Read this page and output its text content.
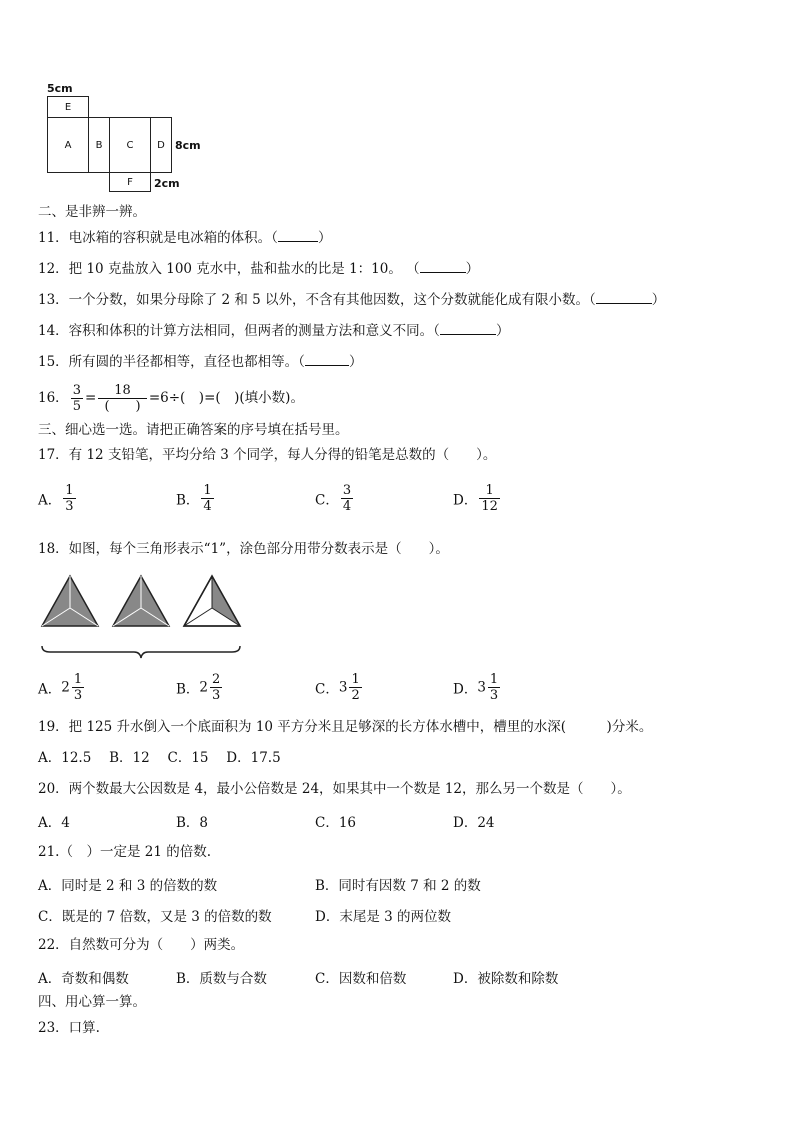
5cm
E
A B C D
F
8cm
2cm
二、是非辨一辨。
11．电冰箱的容积就是电冰箱的体积。（	）
12．把 10 克盐放入 100 克水中，盐和盐水的比是 1：10。 （	）
13．一个分数，如果分母除了 2 和 5 以外，不含有其他因数，这个分数就能化成有限小数。（	）
14．容积和体积的计算方法相同，但两者的测量方法和意义不同。（	）
15．所有圆的半径都相等，直径也都相等。（	）
16． $\frac{3}{5} = \frac{18}{( )} =6\div$(　)=(　)(填小数)。
三、细心选一选。请把正确答案的序号填在括号里。
17．有 12 支铅笔，平均分给 3 个同学，每人分得的铅笔是总数的（　　）。
A． $\frac{1}{3}$	B． $\frac{1}{4}$	C． $\frac{3}{4}$	D． $\frac{1}{12}$
18．如图，每个三角形表示“1”，涂色部分用带分数表示是（　　）。
A．$2 \frac{1}{3}$	B．$2 \frac{2}{3}$	C．$3 \frac{1}{2}$	D．$3 \frac{1}{3}$
19．把 125 升水倒入一个底面积为 10 平方分米且足够深的长方体水槽中，槽里的水深(　　　)分米。
A．12.5　 B．12　 C．15　 D．17.5
20．两个数最大公因数是 4，最小公倍数是 24，如果其中一个数是 12，那么另一个数是（　　）。
A．4	B．8	C．16	D．24
21.（　）一定是 21 的倍数.
A．同时是 2 和 3 的倍数的数	B．同时有因数 7 和 2 的数
C．既是的 7 倍数，又是 3 的倍数的数	D．末尾是 3 的两位数
22．自然数可分为（　　）两类。
A．奇数和偶数	B．质数与合数	C．因数和倍数	D．被除数和除数
四、用心算一算。
23．口算.
